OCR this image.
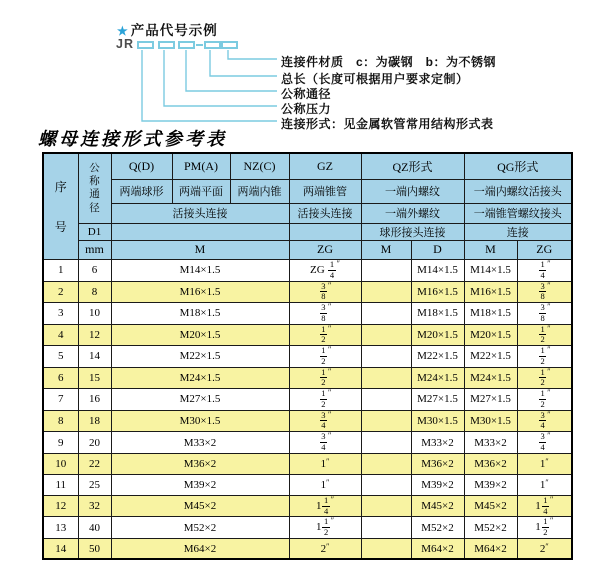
★ 产品代号示例
JR
连接件材质　c：为碳钢　b：为不锈钢
总长（长度可根据用户要求定制）
公称通径
公称压力
连接形式：见金属软管常用结构形式表
螺母连接形式参考表
序
号	公称通径	Q(D)	PM(A)	NZ(C)	GZ	QZ形式		QG形式	
		两端球形	两端平面	两端内锥	两端锥管	一端内螺纹		一端内螺纹活接头	
		活接头连接			活接头连接	一端外螺纹		一端锥管螺纹接头	
	D1					球形接头连接		连接	
	mm	M			ZG	M	D	M	ZG
1	6	M14×1.5			ZG $\frac{1}{4} ''$		M14×1.5	M14×1.5	$\frac{1}{4} ''$
2	8	M16×1.5			$\frac{3}{8} ''$		M16×1.5	M16×1.5	$\frac{3}{8} ''$
3	10	M18×1.5			$\frac{3}{8} ''$		M18×1.5	M18×1.5	$\frac{3}{8} ''$
4	12	M20×1.5			$\frac{1}{2} ''$		M20×1.5	M20×1.5	$\frac{1}{2} ''$
5	14	M22×1.5			$\frac{1}{2} ''$		M22×1.5	M22×1.5	$\frac{1}{2} ''$
6	15	M24×1.5			$\frac{1}{2} ''$		M24×1.5	M24×1.5	$\frac{1}{2} ''$
7	16	M27×1.5			$\frac{1}{2} ''$		M27×1.5	M27×1.5	$\frac{1}{2} ''$
8	18	M30×1.5			$\frac{3}{4} ''$		M30×1.5	M30×1.5	$\frac{3}{4} ''$
9	20	M33×2			$\frac{3}{4} ''$		M33×2	M33×2	$\frac{3}{4} ''$
10	22	M36×2			1″		M36×2	M36×2	1″
11	25	M39×2			1″		M39×2	M39×2	1″
12	32	M45×2			$1 \frac{1}{4} ''$		M45×2	M45×2	$1 \frac{1}{4} ''$
13	40	M52×2			$1 \frac{1}{2} ''$		M52×2	M52×2	$1 \frac{1}{2} ''$
14	50	M64×2			2″		M64×2	M64×2	2″
